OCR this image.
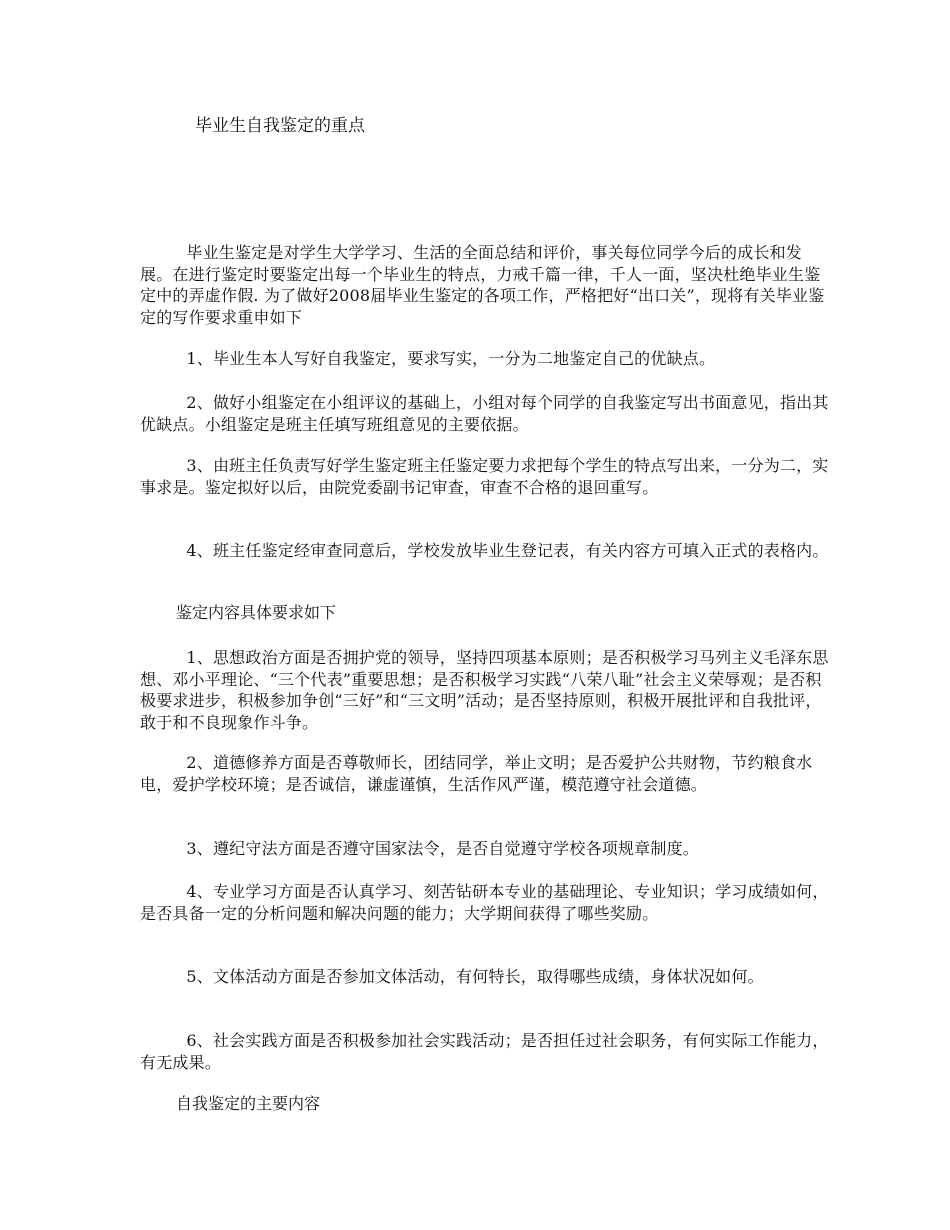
毕业生自我鉴定的重点

毕业生鉴定是对学生大学学习、生活的全面总结和评价，事关每位同学今后的成长和发展。在进行鉴定时要鉴定出每一个毕业生的特点，力戒千篇一律，千人一面，坚决杜绝毕业生鉴定中的弄虚作假. 为了做好2008届毕业生鉴定的各项工作，严格把好“出口关”，现将有关毕业鉴定的写作要求重申如下

1、毕业生本人写好自我鉴定，要求写实，一分为二地鉴定自己的优缺点。

2、做好小组鉴定在小组评议的基础上，小组对每个同学的自我鉴定写出书面意见，指出其优缺点。小组鉴定是班主任填写班组意见的主要依据。

3、由班主任负责写好学生鉴定班主任鉴定要力求把每个学生的特点写出来，一分为二，实事求是。鉴定拟好以后，由院党委副书记审查，审查不合格的退回重写。

4、班主任鉴定经审查同意后，学校发放毕业生登记表，有关内容方可填入正式的表格内。

鉴定内容具体要求如下

1、思想政治方面是否拥护党的领导，坚持四项基本原则；是否积极学习马列主义毛泽东思想、邓小平理论、“三个代表”重要思想；是否积极学习实践“八荣八耻”社会主义荣辱观；是否积极要求进步，积极参加争创“三好”和“三文明”活动；是否坚持原则，积极开展批评和自我批评，敢于和不良现象作斗争。

2、道德修养方面是否尊敬师长，团结同学，举止文明；是否爱护公共财物，节约粮食水电，爱护学校环境；是否诚信，谦虚谨慎，生活作风严谨，模范遵守社会道德。

3、遵纪守法方面是否遵守国家法令，是否自觉遵守学校各项规章制度。

4、专业学习方面是否认真学习、刻苦钻研本专业的基础理论、专业知识；学习成绩如何，是否具备一定的分析问题和解决问题的能力；大学期间获得了哪些奖励。

5、文体活动方面是否参加文体活动，有何特长，取得哪些成绩，身体状况如何。

6、社会实践方面是否积极参加社会实践活动；是否担任过社会职务，有何实际工作能力，有无成果。

自我鉴定的主要内容
